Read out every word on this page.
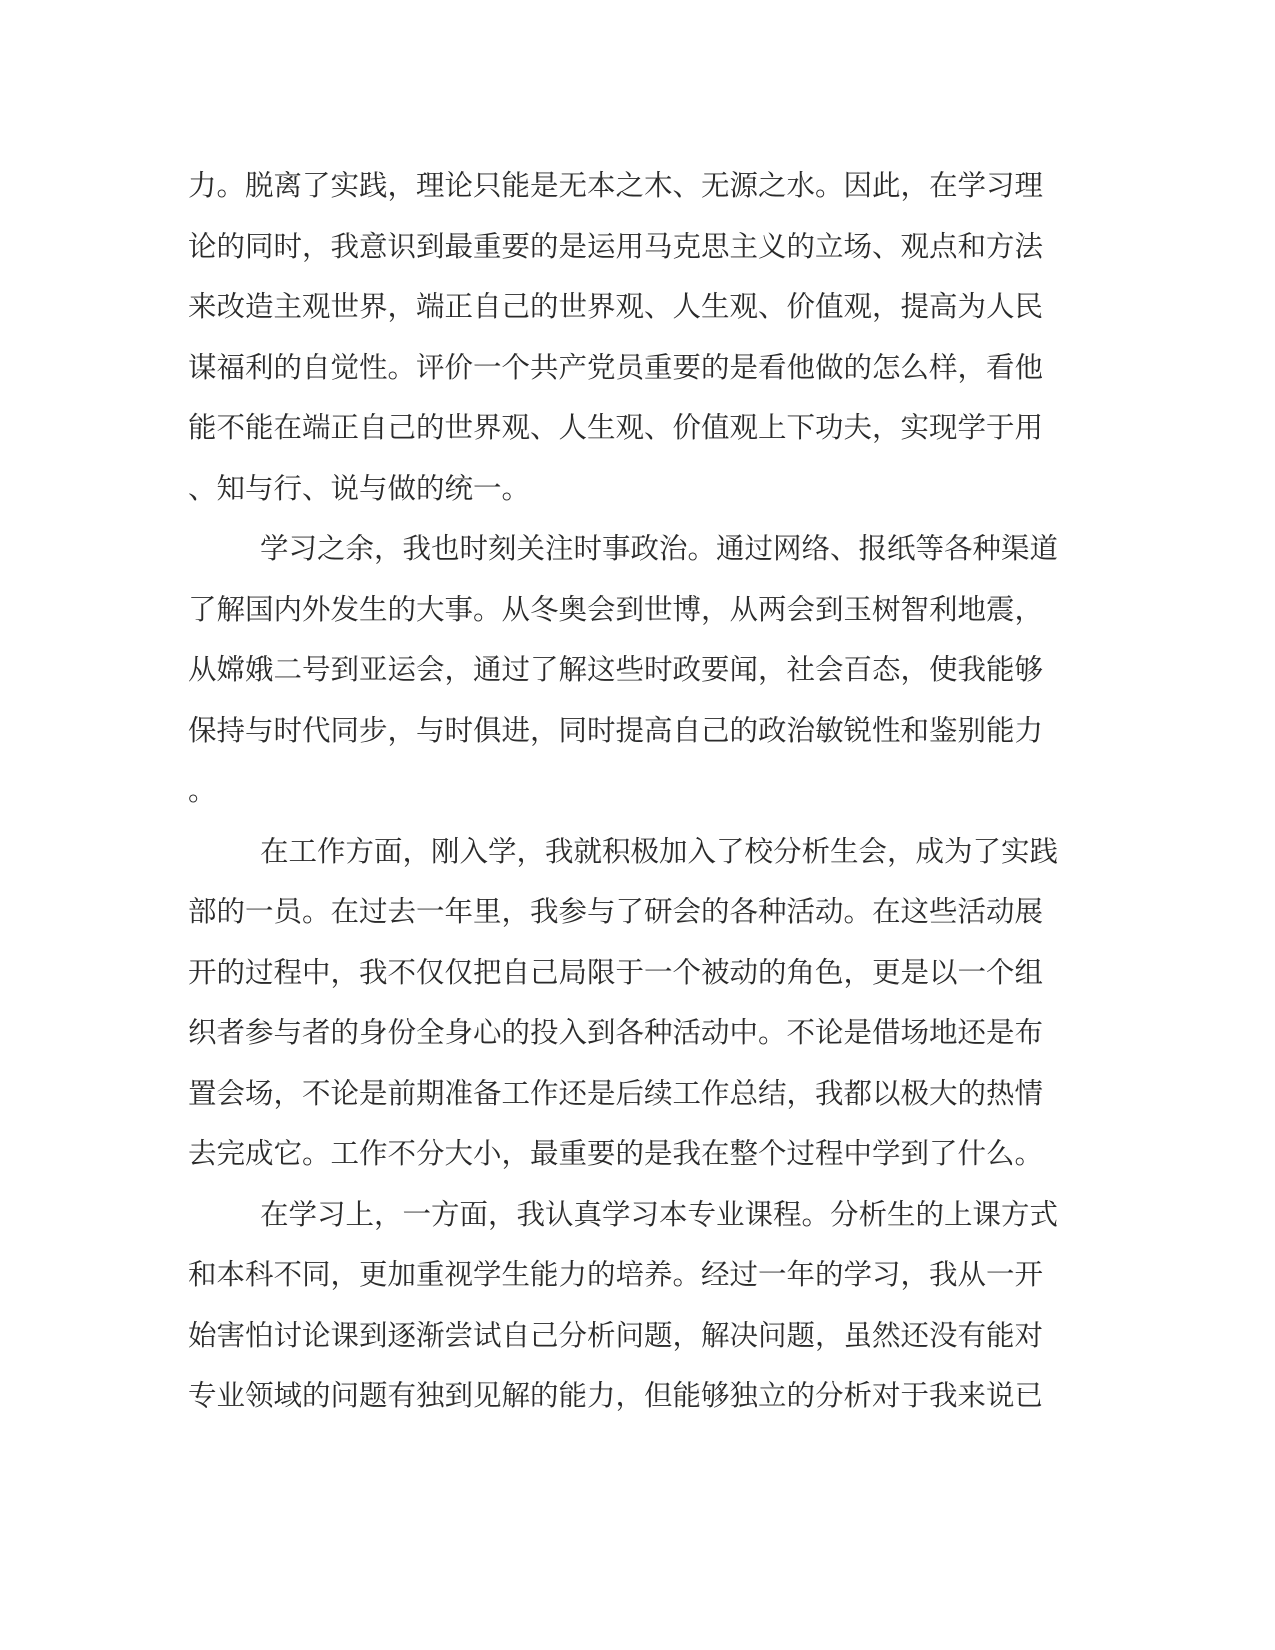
力。脱离了实践，理论只能是无本之木、无源之水。因此，在学习理
论的同时，我意识到最重要的是运用马克思主义的立场、观点和方法
来改造主观世界，端正自己的世界观、人生观、价值观，提高为人民
谋福利的自觉性。评价一个共产党员重要的是看他做的怎么样，看他
能不能在端正自己的世界观、人生观、价值观上下功夫，实现学于用
、知与行、说与做的统一。
学习之余，我也时刻关注时事政治。通过网络、报纸等各种渠道
了解国内外发生的大事。从冬奥会到世博，从两会到玉树智利地震，
从嫦娥二号到亚运会，通过了解这些时政要闻，社会百态，使我能够
保持与时代同步，与时俱进，同时提高自己的政治敏锐性和鉴别能力
。
在工作方面，刚入学，我就积极加入了校分析生会，成为了实践
部的一员。在过去一年里，我参与了研会的各种活动。在这些活动展
开的过程中，我不仅仅把自己局限于一个被动的角色，更是以一个组
织者参与者的身份全身心的投入到各种活动中。不论是借场地还是布
置会场，不论是前期准备工作还是后续工作总结，我都以极大的热情
去完成它。工作不分大小，最重要的是我在整个过程中学到了什么。
在学习上，一方面，我认真学习本专业课程。分析生的上课方式
和本科不同，更加重视学生能力的培养。经过一年的学习，我从一开
始害怕讨论课到逐渐尝试自己分析问题，解决问题，虽然还没有能对
专业领域的问题有独到见解的能力，但能够独立的分析对于我来说已
